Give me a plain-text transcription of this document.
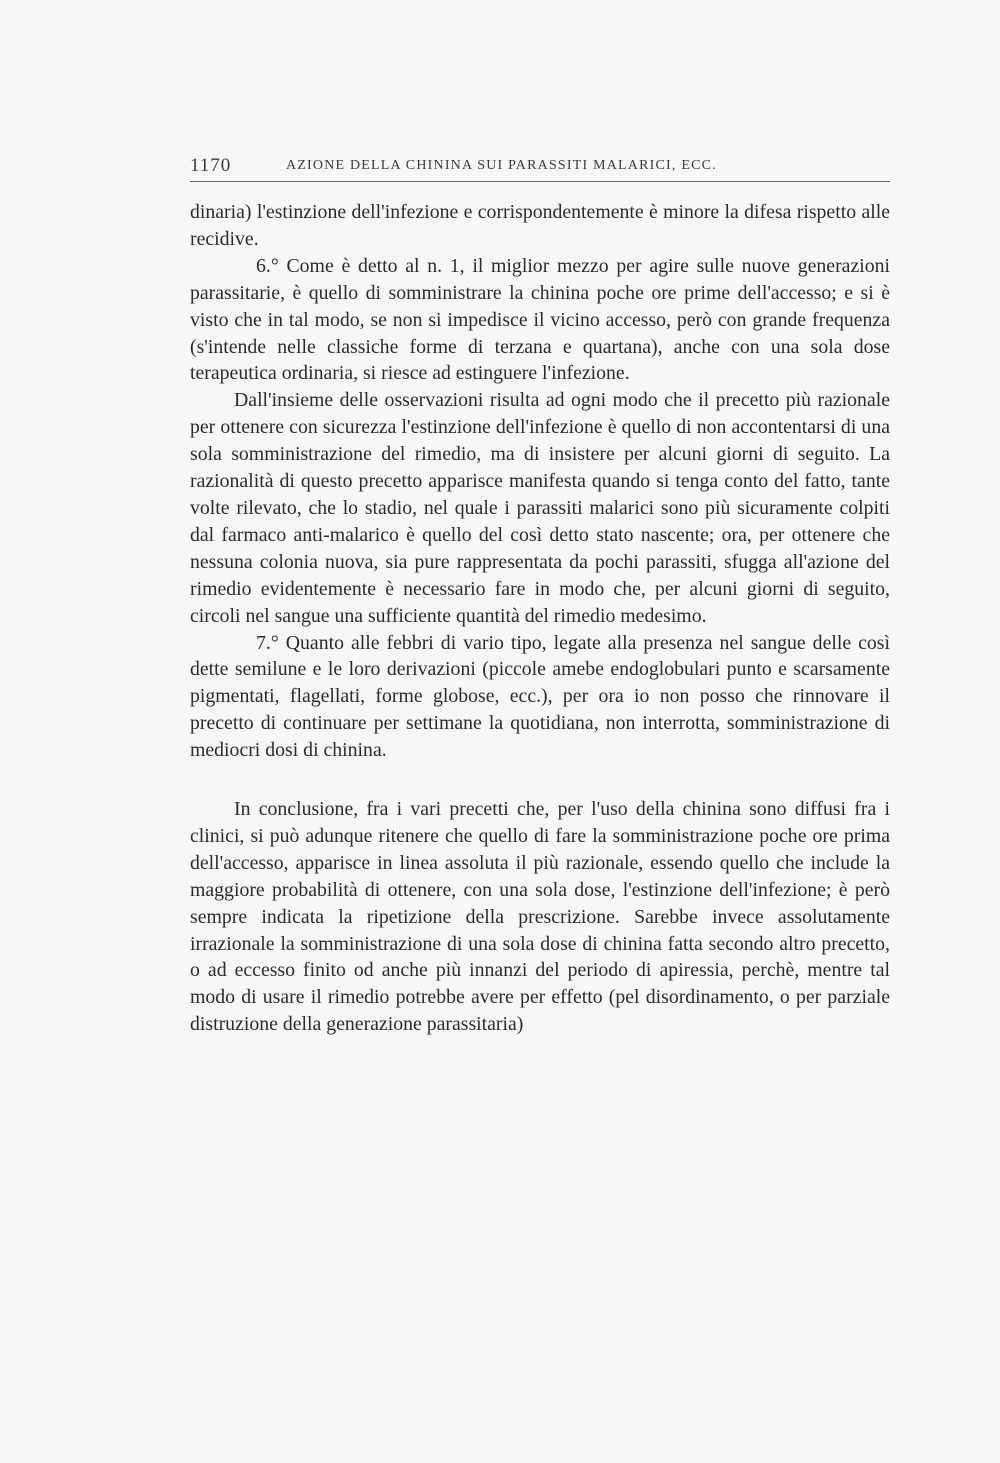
1170	AZIONE DELLA CHININA SUI PARASSITI MALARICI, ECC.

dinaria) l'estinzione dell'infezione e corrispondentemente è minore la difesa rispetto alle recidive.

6.° Come è detto al n. 1, il miglior mezzo per agire sulle nuove generazioni parassitarie, è quello di somministrare la chinina poche ore prime dell'accesso; e si è visto che in tal modo, se non si impedisce il vicino accesso, però con grande frequenza (s'intende nelle classiche forme di terzana e quartana), anche con una sola dose terapeutica ordinaria, si riesce ad estinguere l'infezione.

Dall'insieme delle osservazioni risulta ad ogni modo che il precetto più razionale per ottenere con sicurezza l'estinzione dell'infezione è quello di non accontentarsi di una sola somministrazione del rimedio, ma di insistere per alcuni giorni di seguito. La razionalità di questo precetto apparisce manifesta quando si tenga conto del fatto, tante volte rilevato, che lo stadio, nel quale i parassiti malarici sono più sicuramente colpiti dal farmaco anti-malarico è quello del così detto stato nascente; ora, per ottenere che nessuna colonia nuova, sia pure rappresentata da pochi parassiti, sfugga all'azione del rimedio evidentemente è necessario fare in modo che, per alcuni giorni di seguito, circoli nel sangue una sufficiente quantità del rimedio medesimo.

7.° Quanto alle febbri di vario tipo, legate alla presenza nel sangue delle così dette semilune e le loro derivazioni (piccole amebe endoglobulari punto e scarsamente pigmentati, flagellati, forme globose, ecc.), per ora io non posso che rinnovare il precetto di continuare per settimane la quotidiana, non interrotta, somministrazione di mediocri dosi di chinina.

In conclusione, fra i vari precetti che, per l'uso della chinina sono diffusi fra i clinici, si può adunque ritenere che quello di fare la somministrazione poche ore prima dell'accesso, apparisce in linea assoluta il più razionale, essendo quello che include la maggiore probabilità di ottenere, con una sola dose, l'estinzione dell'infezione; è però sempre indicata la ripetizione della prescrizione. Sarebbe invece assolutamente irrazionale la somministrazione di una sola dose di chinina fatta secondo altro precetto, o ad eccesso finito od anche più innanzi del periodo di apiressia, perchè, mentre tal modo di usare il rimedio potrebbe avere per effetto (pel disordinamento, o per parziale distruzione della generazione parassitaria)
